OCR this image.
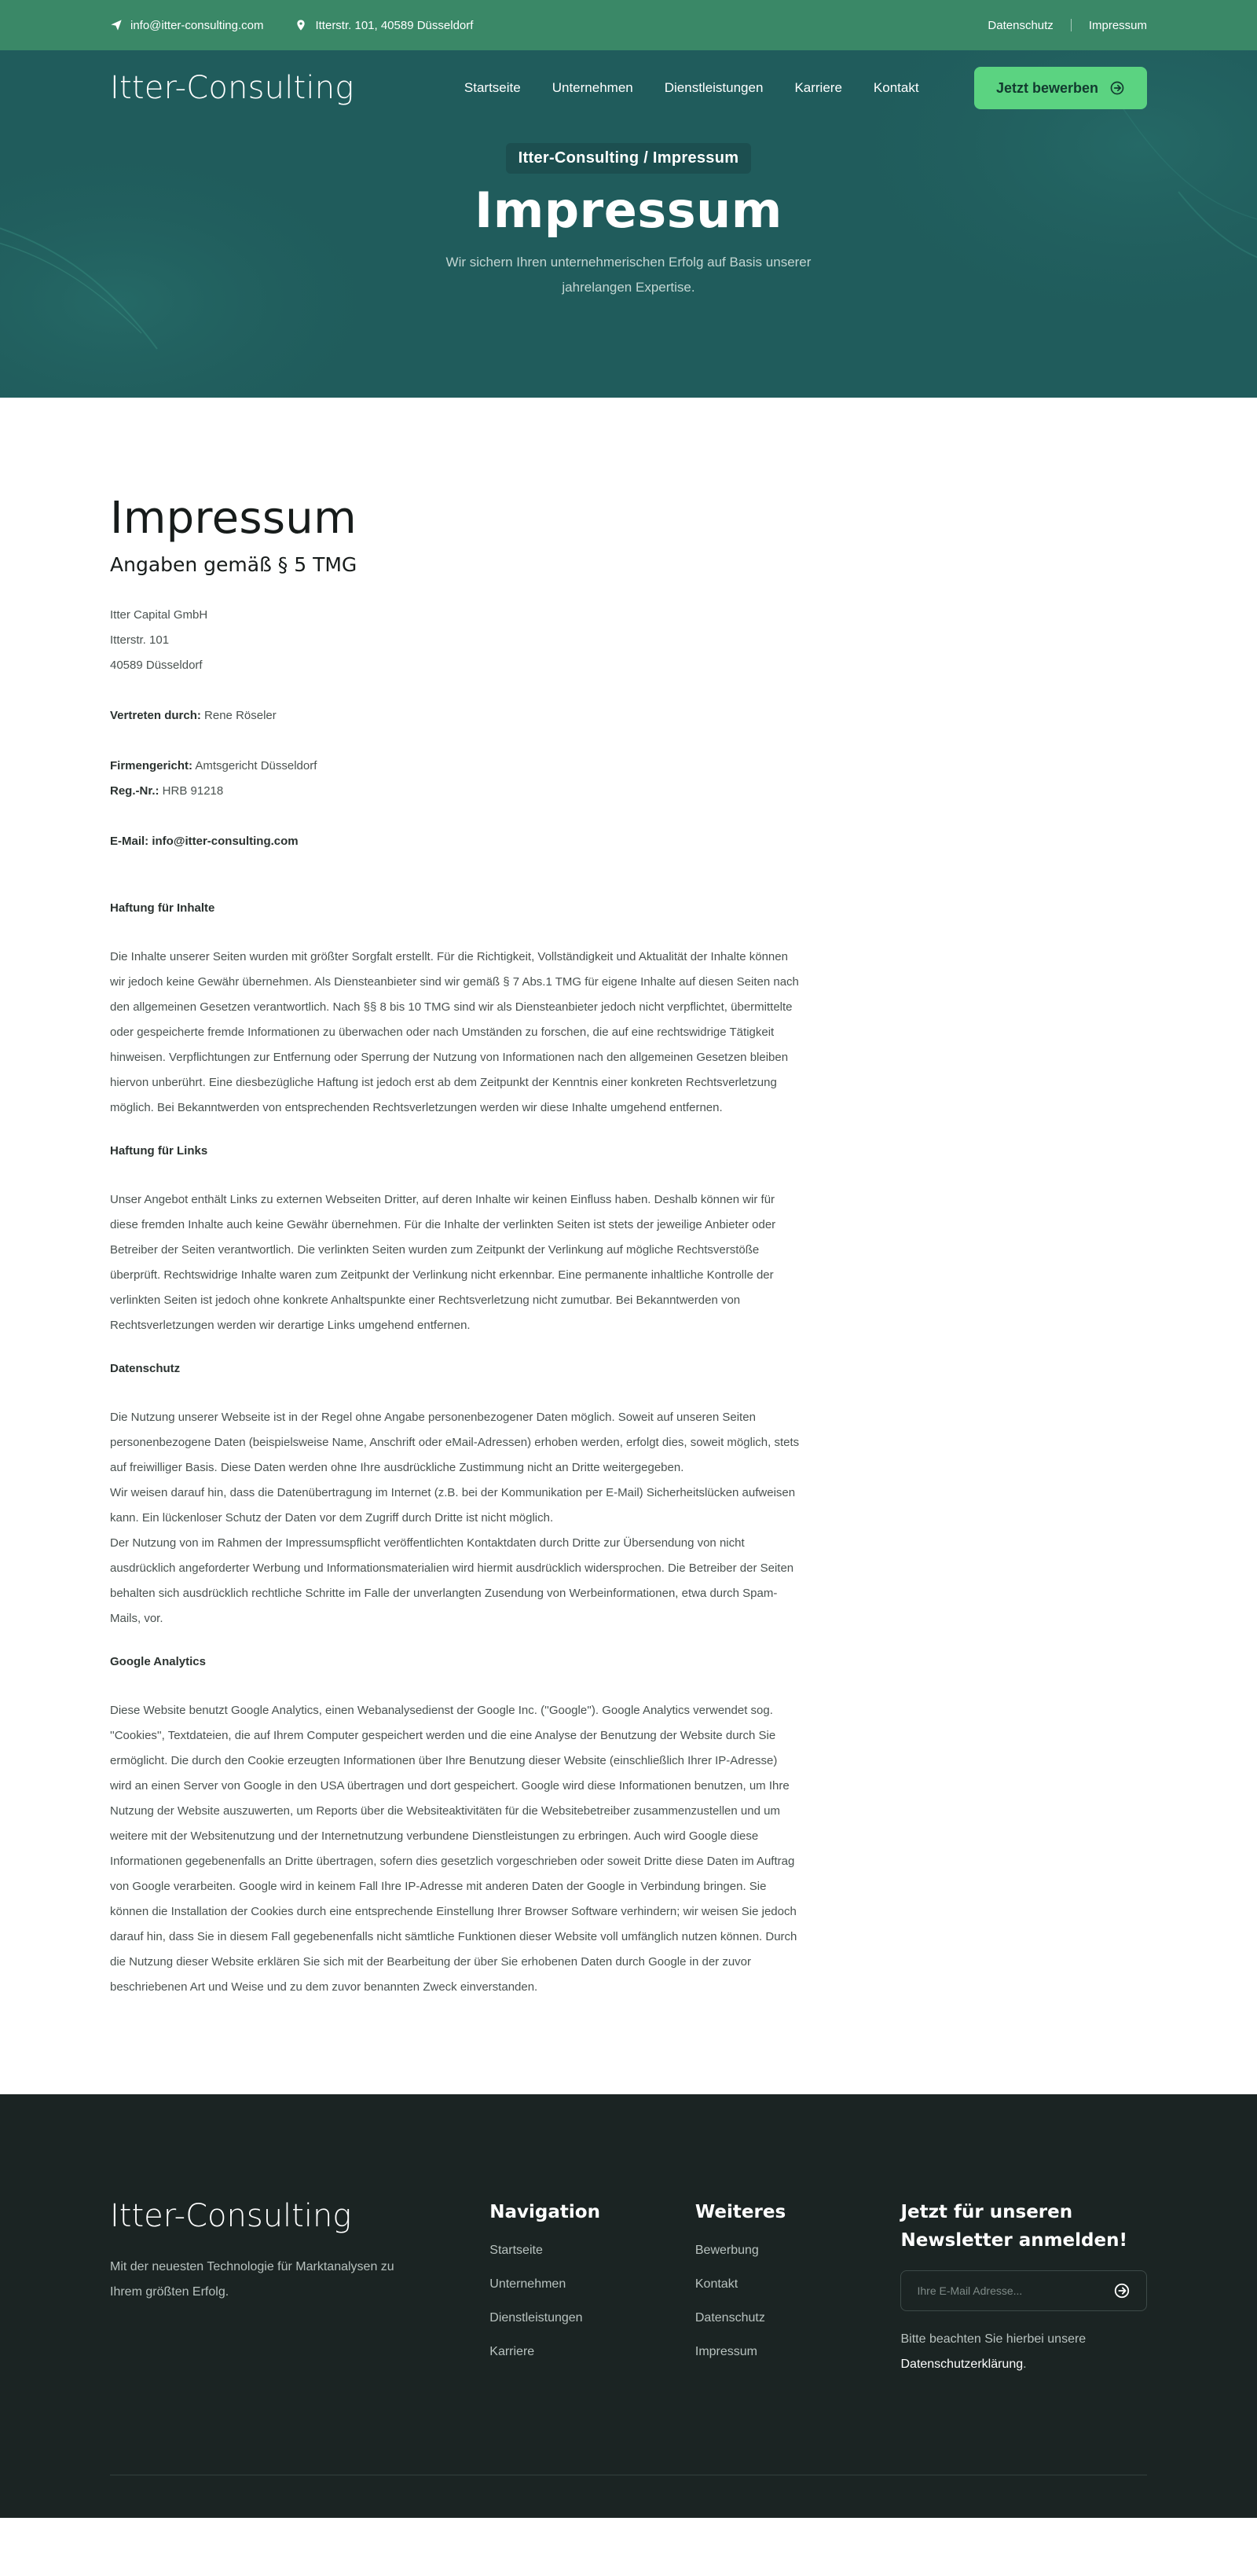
info@itter-consulting.com	Itterstr. 101, 40589 Düsseldorf	Datenschutz	Impressum
Itter-Consulting	Startseite Unternehmen Dienstleistungen Karriere Kontakt	Jetzt bewerben
Itter-Consulting / Impressum
Impressum

Wir sichern Ihren unternehmerischen Erfolg auf Basis unserer jahrelangen Expertise.

Impressum
Angaben gemäß § 5 TMG
Itter Capital GmbH
Itterstr. 101
40589 Düsseldorf
Vertreten durch: Rene Röseler
Firmengericht: Amtsgericht Düsseldorf
Reg.-Nr.: HRB 91218
E-Mail: info@itter-consulting.com
Haftung für Inhalte

Die Inhalte unserer Seiten wurden mit größter Sorgfalt erstellt. Für die Richtigkeit, Vollständigkeit und Aktualität der Inhalte können wir jedoch keine Gewähr übernehmen. Als Diensteanbieter sind wir gemäß § 7 Abs.1 TMG für eigene Inhalte auf diesen Seiten nach den allgemeinen Gesetzen verantwortlich. Nach §§ 8 bis 10 TMG sind wir als Diensteanbieter jedoch nicht verpflichtet, übermittelte oder gespeicherte fremde Informationen zu überwachen oder nach Umständen zu forschen, die auf eine rechtswidrige Tätigkeit hinweisen. Verpflichtungen zur Entfernung oder Sperrung der Nutzung von Informationen nach den allgemeinen Gesetzen bleiben hiervon unberührt. Eine diesbezügliche Haftung ist jedoch erst ab dem Zeitpunkt der Kenntnis einer konkreten Rechtsverletzung möglich. Bei Bekanntwerden von entsprechenden Rechtsverletzungen werden wir diese Inhalte umgehend entfernen.

Haftung für Links

Unser Angebot enthält Links zu externen Webseiten Dritter, auf deren Inhalte wir keinen Einfluss haben. Deshalb können wir für diese fremden Inhalte auch keine Gewähr übernehmen. Für die Inhalte der verlinkten Seiten ist stets der jeweilige Anbieter oder Betreiber der Seiten verantwortlich. Die verlinkten Seiten wurden zum Zeitpunkt der Verlinkung auf mögliche Rechtsverstöße überprüft. Rechtswidrige Inhalte waren zum Zeitpunkt der Verlinkung nicht erkennbar. Eine permanente inhaltliche Kontrolle der verlinkten Seiten ist jedoch ohne konkrete Anhaltspunkte einer Rechtsverletzung nicht zumutbar. Bei Bekanntwerden von Rechtsverletzungen werden wir derartige Links umgehend entfernen.

Datenschutz
Die Nutzung unserer Webseite ist in der Regel ohne Angabe personenbezogener Daten möglich. Soweit auf unseren Seiten personenbezogene Daten (beispielsweise Name, Anschrift oder eMail-Adressen) erhoben werden, erfolgt dies, soweit möglich, stets auf freiwilliger Basis. Diese Daten werden ohne Ihre ausdrückliche Zustimmung nicht an Dritte weitergegeben.
Wir weisen darauf hin, dass die Datenübertragung im Internet (z.B. bei der Kommunikation per E-Mail) Sicherheitslücken aufweisen kann. Ein lückenloser Schutz der Daten vor dem Zugriff durch Dritte ist nicht möglich.
Der Nutzung von im Rahmen der Impressumspflicht veröffentlichten Kontaktdaten durch Dritte zur Übersendung von nicht ausdrücklich angeforderter Werbung und Informationsmaterialien wird hiermit ausdrücklich widersprochen. Die Betreiber der Seiten behalten sich ausdrücklich rechtliche Schritte im Falle der unverlangten Zusendung von Werbeinformationen, etwa durch Spam-Mails, vor.
Google Analytics

Diese Website benutzt Google Analytics, einen Webanalysedienst der Google Inc. (''Google''). Google Analytics verwendet sog. ''Cookies'', Textdateien, die auf Ihrem Computer gespeichert werden und die eine Analyse der Benutzung der Website durch Sie ermöglicht. Die durch den Cookie erzeugten Informationen über Ihre Benutzung dieser Website (einschließlich Ihrer IP-Adresse) wird an einen Server von Google in den USA übertragen und dort gespeichert. Google wird diese Informationen benutzen, um Ihre Nutzung der Website auszuwerten, um Reports über die Websiteaktivitäten für die Websitebetreiber zusammenzustellen und um weitere mit der Websitenutzung und der Internetnutzung verbundene Dienstleistungen zu erbringen. Auch wird Google diese Informationen gegebenenfalls an Dritte übertragen, sofern dies gesetzlich vorgeschrieben oder soweit Dritte diese Daten im Auftrag von Google verarbeiten. Google wird in keinem Fall Ihre IP-Adresse mit anderen Daten der Google in Verbindung bringen. Sie können die Installation der Cookies durch eine entsprechende Einstellung Ihrer Browser Software verhindern; wir weisen Sie jedoch darauf hin, dass Sie in diesem Fall gegebenenfalls nicht sämtliche Funktionen dieser Website voll umfänglich nutzen können. Durch die Nutzung dieser Website erklären Sie sich mit der Bearbeitung der über Sie erhobenen Daten durch Google in der zuvor beschriebenen Art und Weise und zu dem zuvor benannten Zweck einverstanden.

Itter-Consulting

Mit der neuesten Technologie für Marktanalysen zu Ihrem größten Erfolg.

Navigation
Startseite
Unternehmen
Dienstleistungen
Karriere
Weiteres
Bewerbung
Kontakt
Datenschutz
Impressum
Jetzt für unseren Newsletter anmelden!
Ihre E-Mail Adresse...

Bitte beachten Sie hierbei unsere Datenschutzerklärung.
